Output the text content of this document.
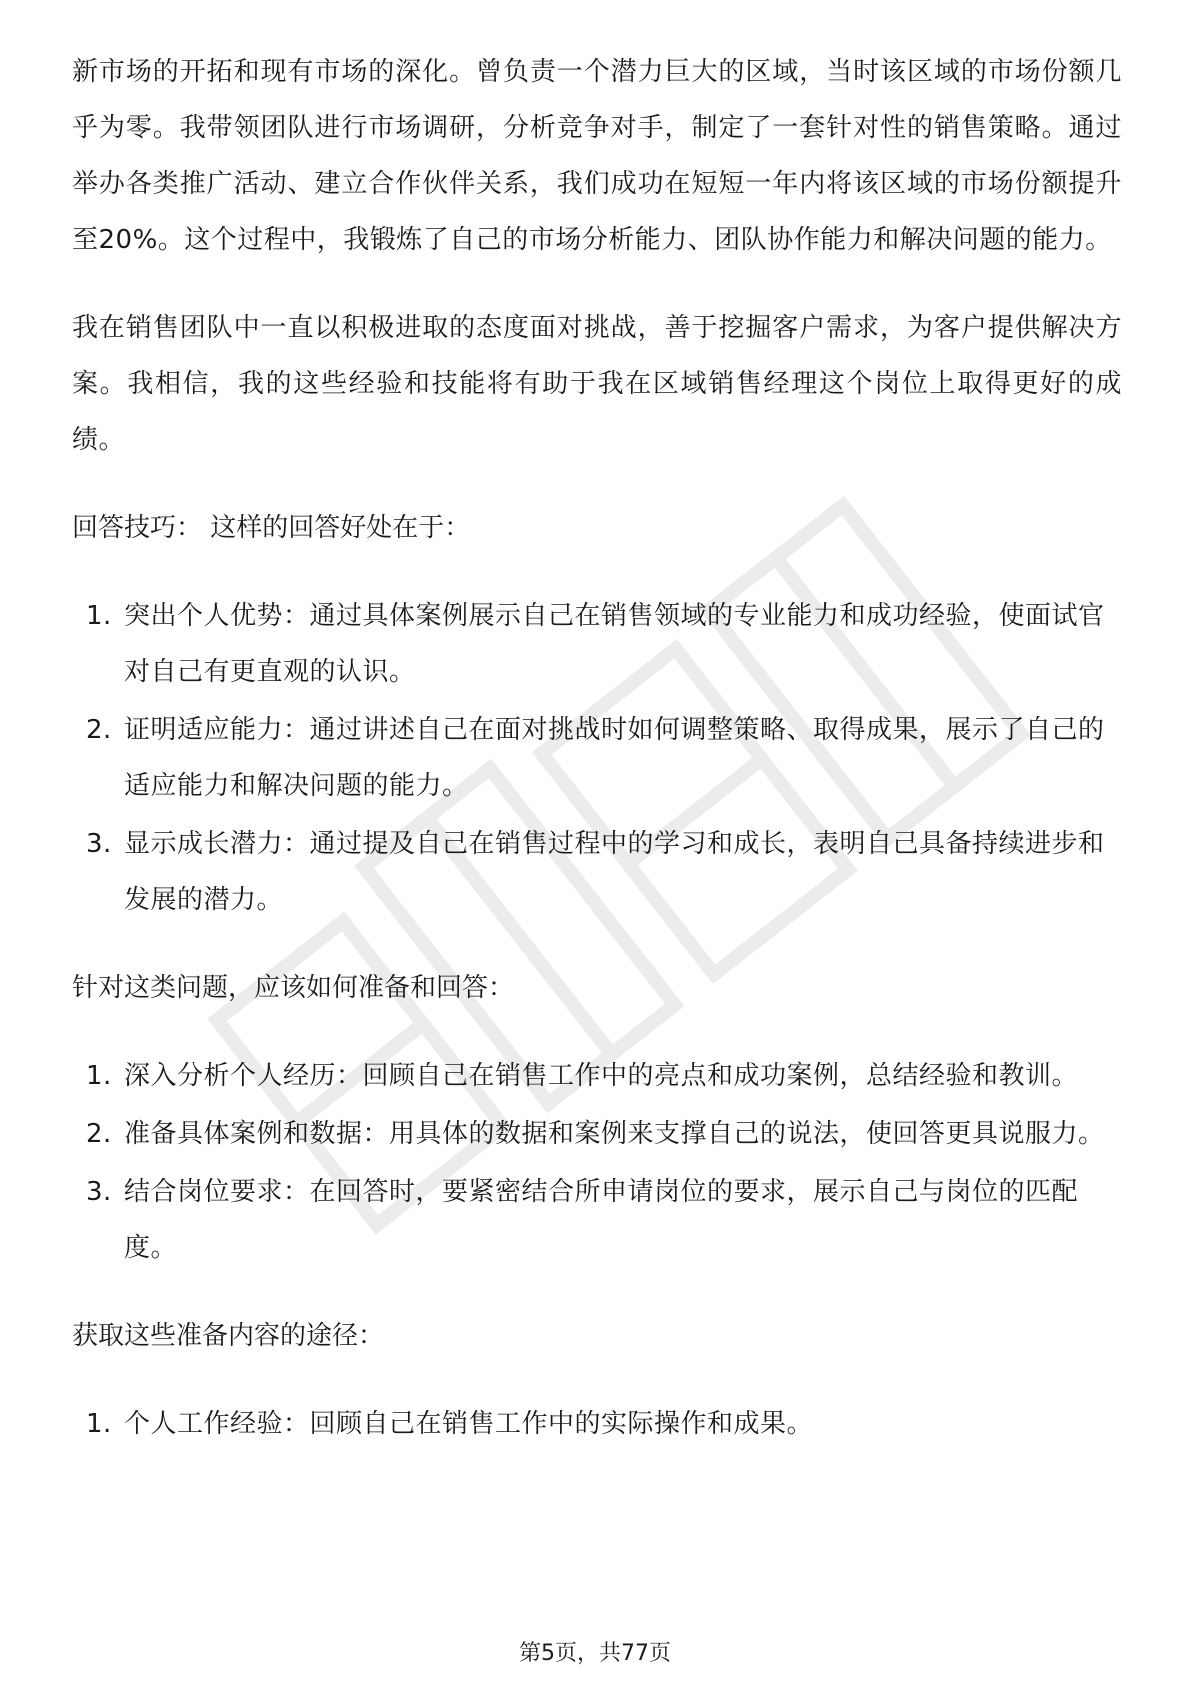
新市场的开拓和现有市场的深化。曾负责一个潜力巨大的区域，当时该区域的市场份额几乎为零。我带领团队进行市场调研，分析竞争对手，制定了一套针对性的销售策略。通过举办各类推广活动、建立合作伙伴关系，我们成功在短短一年内将该区域的市场份额提升至20%。这个过程中，我锻炼了自己的市场分析能力、团队协作能力和解决问题的能力。

我在销售团队中一直以积极进取的态度面对挑战，善于挖掘客户需求，为客户提供解决方案。我相信，我的这些经验和技能将有助于我在区域销售经理这个岗位上取得更好的成绩。

回答技巧： 这样的回答好处在于：
1. 突出个人优势：通过具体案例展示自己在销售领域的专业能力和成功经验，使面试官对自己有更直观的认识。
2. 证明适应能力：通过讲述自己在面对挑战时如何调整策略、取得成果，展示了自己的适应能力和解决问题的能力。
3. 显示成长潜力：通过提及自己在销售过程中的学习和成长，表明自己具备持续进步和发展的潜力。
针对这类问题，应该如何准备和回答：
1. 深入分析个人经历：回顾自己在销售工作中的亮点和成功案例，总结经验和教训。
2. 准备具体案例和数据：用具体的数据和案例来支撑自己的说法，使回答更具说服力。
3. 结合岗位要求：在回答时，要紧密结合所申请岗位的要求，展示自己与岗位的匹配度。
获取这些准备内容的途径：
1. 个人工作经验：回顾自己在销售工作中的实际操作和成果。
第5页，共77页
